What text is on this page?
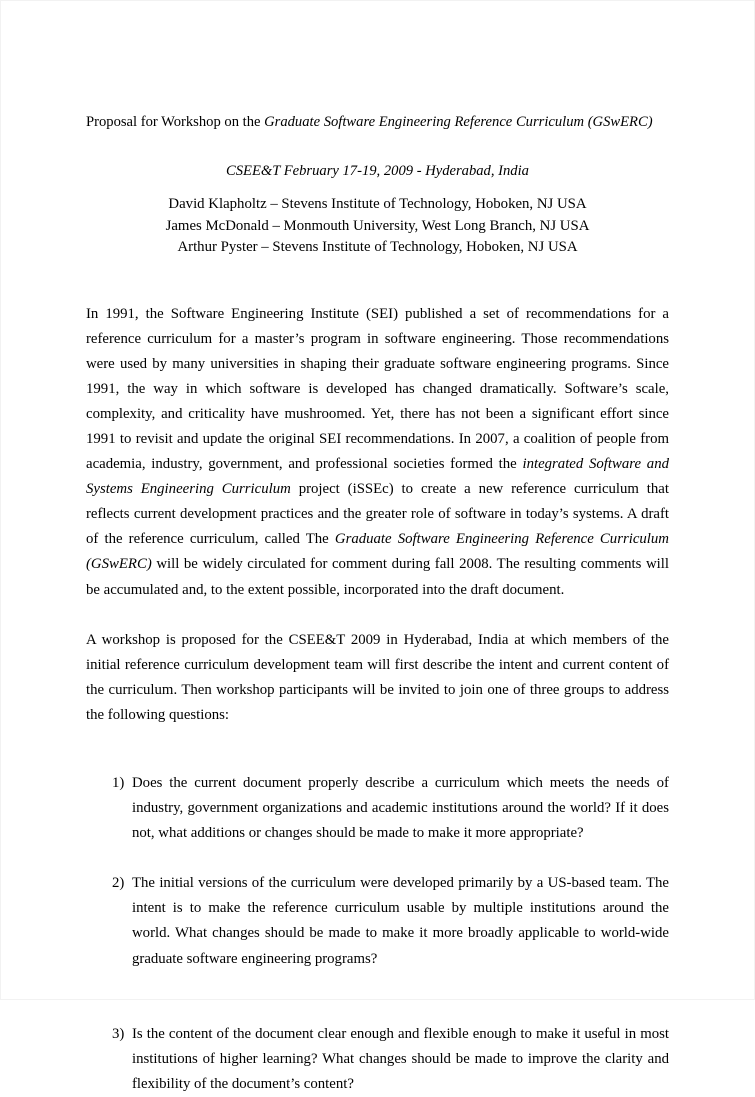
Proposal for Workshop on the Graduate Software Engineering Reference Curriculum (GSwERC)
CSEE&T February 17-19, 2009 - Hyderabad, India
David Klapholtz – Stevens Institute of Technology, Hoboken, NJ USA
James McDonald – Monmouth University, West Long Branch, NJ USA
Arthur Pyster – Stevens Institute of Technology, Hoboken, NJ USA

In 1991, the Software Engineering Institute (SEI) published a set of recommendations for a reference curriculum for a master’s program in software engineering. Those recommendations were used by many universities in shaping their graduate software engineering programs. Since 1991, the way in which software is developed has changed dramatically. Software’s scale, complexity, and criticality have mushroomed. Yet, there has not been a significant effort since 1991 to revisit and update the original SEI recommendations. In 2007, a coalition of people from academia, industry, government, and professional societies formed the integrated Software and Systems Engineering Curriculum project (iSSEc) to create a new reference curriculum that reflects current development practices and the greater role of software in today’s systems. A draft of the reference curriculum, called The Graduate Software Engineering Reference Curriculum (GSwERC) will be widely circulated for comment during fall 2008. The resulting comments will be accumulated and, to the extent possible, incorporated into the draft document.

A workshop is proposed for the CSEE&T 2009 in Hyderabad, India at which members of the initial reference curriculum development team will first describe the intent and current content of the curriculum. Then workshop participants will be invited to join one of three groups to address the following questions:

1) Does the current document properly describe a curriculum which meets the needs of industry, government organizations and academic institutions around the world? If it does not, what additions or changes should be made to make it more appropriate?
2) The initial versions of the curriculum were developed primarily by a US-based team. The intent is to make the reference curriculum usable by multiple institutions around the world. What changes should be made to make it more broadly applicable to world-wide graduate software engineering programs?
3) Is the content of the document clear enough and flexible enough to make it useful in most institutions of higher learning? What changes should be made to improve the clarity and flexibility of the document’s content?
